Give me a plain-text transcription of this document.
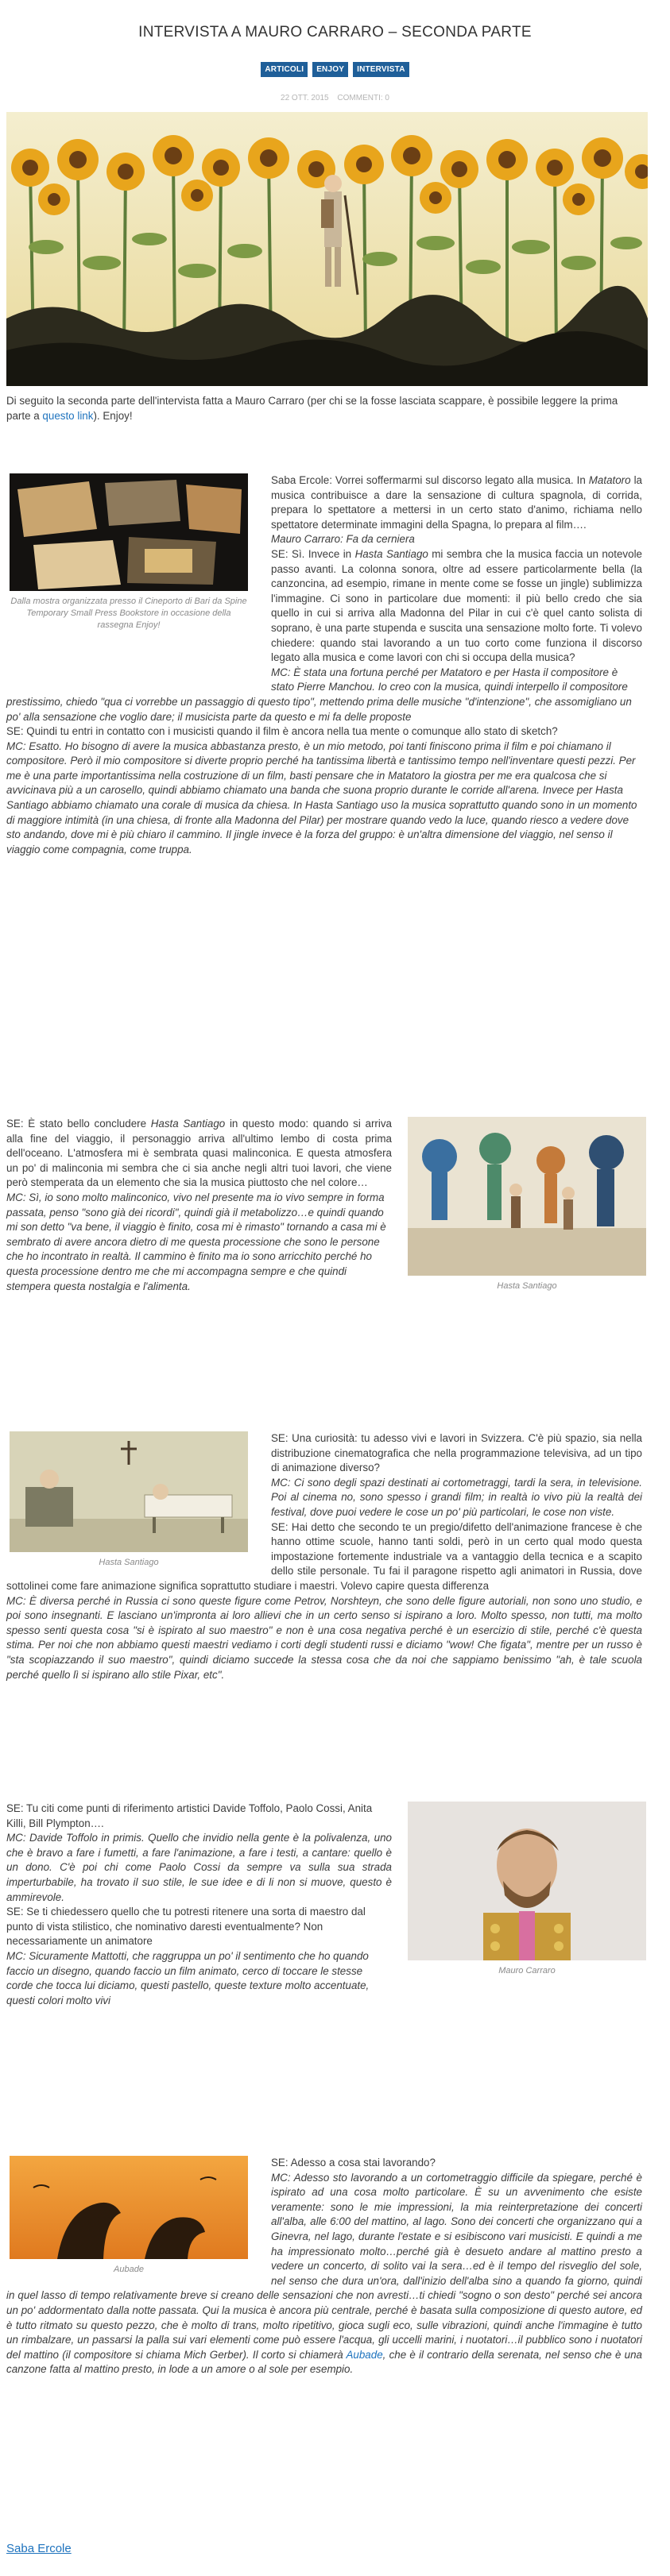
INTERVISTA A MAURO CARRARO – SECONDA PARTE
ARTICOLI ENJOY INTERVISTA
22 OTT. 2015 COMMENTI: 0

Di seguito la seconda parte dell'intervista fatta a Mauro Carraro (per chi se la fosse lasciata scappare, è possibile leggere la prima parte a questo link). Enjoy!

Dalla mostra organizzata presso il Cineporto di Bari da Spine Temporary Small Press Bookstore in occasione della rassegna Enjoy!

Saba Ercole: Vorrei soffermarmi sul discorso legato alla musica. In Matatoro la musica contribuisce a dare la sensazione di cultura spagnola, di corrida, prepara lo spettatore a mettersi in un certo stato d'animo, richiama nello spettatore determinate immagini della Spagna, lo prepara al film….

Mauro Carraro: Fa da cerniera

SE: Sì. Invece in Hasta Santiago mi sembra che la musica faccia un notevole passo avanti. La colonna sonora, oltre ad essere particolarmente bella (la canzoncina, ad esempio, rimane in mente come se fosse un jingle) sublimizza l'immagine. Ci sono in particolare due momenti: il più bello credo che sia quello in cui si arriva alla Madonna del Pilar in cui c'è quel canto solista di soprano, è una parte stupenda e suscita una sensazione molto forte. Ti volevo chiedere: quando stai lavorando a un tuo corto come funziona il discorso legato alla musica e come lavori con chi si occupa della musica?

MC: È stata una fortuna perché per Matatoro e per Hasta il compositore è stato Pierre Manchou. Io creo con la musica, quindi interpello il compositore prestissimo, chiedo "qua ci vorrebbe un passaggio di questo tipo", mettendo prima delle musiche "d'intenzione", che assomigliano un po' alla sensazione che voglio dare; il musicista parte da questo e mi fa delle proposte

SE: Quindi tu entri in contatto con i musicisti quando il film è ancora nella tua mente o comunque allo stato di sketch?

MC: Esatto. Ho bisogno di avere la musica abbastanza presto, è un mio metodo, poi tanti finiscono prima il film e poi chiamano il compositore. Però il mio compositore si diverte proprio perché ha tantissima libertà e tantissimo tempo nell'inventare questi pezzi. Per me è una parte importantissima nella costruzione di un film, basti pensare che in Matatoro la giostra per me era qualcosa che si avvicinava più a un carosello, quindi abbiamo chiamato una banda che suona proprio durante le corride all'arena. Invece per Hasta Santiago abbiamo chiamato una corale di musica da chiesa. In Hasta Santiago uso la musica soprattutto quando sono in un momento di maggiore intimità (in una chiesa, di fronte alla Madonna del Pilar) per mostrare quando vedo la luce, quando riesco a vedere dove sto andando, dove mi è più chiaro il cammino. Il jingle invece è la forza del gruppo: è un'altra dimensione del viaggio, nel senso il viaggio come compagnia, come truppa.

Hasta Santiago

SE: È stato bello concludere Hasta Santiago in questo modo: quando si arriva alla fine del viaggio, il personaggio arriva all'ultimo lembo di costa prima dell'oceano. L'atmosfera mi è sembrata quasi malinconica. E questa atmosfera un po' di malinconia mi sembra che ci sia anche negli altri tuoi lavori, che viene però stemperata da un elemento che sia la musica piuttosto che nel colore…

MC: Sì, io sono molto malinconico, vivo nel presente ma io vivo sempre in forma passata, penso "sono già dei ricordi", quindi già il metabolizzo…e quindi quando mi son detto "va bene, il viaggio è finito, cosa mi è rimasto" tornando a casa mi è sembrato di avere ancora dietro di me questa processione che sono le persone che ho incontrato in realtà. Il cammino è finito ma io sono arricchito perché ho questa processione dentro me che mi accompagna sempre e che quindi stempera questa nostalgia e l'alimenta.

Hasta Santiago

SE: Una curiosità: tu adesso vivi e lavori in Svizzera. C'è più spazio, sia nella distribuzione cinematografica che nella programmazione televisiva, ad un tipo di animazione diverso?

MC: Ci sono degli spazi destinati ai cortometraggi, tardi la sera, in televisione. Poi al cinema no, sono spesso i grandi film; in realtà io vivo più la realtà dei festival, dove puoi vedere le cose un po' più particolari, le cose non viste.

SE: Hai detto che secondo te un pregio/difetto dell'animazione francese è che hanno ottime scuole, hanno tanti soldi, però in un certo qual modo questa impostazione fortemente industriale va a vantaggio della tecnica e a scapito dello stile personale. Tu fai il paragone rispetto agli animatori in Russia, dove sottolinei come fare animazione significa soprattutto studiare i maestri. Volevo capire questa differenza

MC: È diversa perché in Russia ci sono queste figure come Petrov, Norshteyn, che sono delle figure autoriali, non sono uno studio, e poi sono insegnanti. E lasciano un'impronta ai loro allievi che in un certo senso si ispirano a loro. Molto spesso, non tutti, ma molto spesso senti questa cosa "si è ispirato al suo maestro" e non è una cosa negativa perché è un esercizio di stile, perché c'è questa stima. Per noi che non abbiamo questi maestri vediamo i corti degli studenti russi e diciamo "wow! Che figata", mentre per un russo è "sta scopiazzando il suo maestro", quindi diciamo succede la stessa cosa che da noi che sappiamo benissimo "ah, è tale scuola perché quello lì si ispirano allo stile Pixar, etc".

Mauro Carraro

SE: Tu citi come punti di riferimento artistici Davide Toffolo, Paolo Cossi, Anita Killi, Bill Plympton….

MC: Davide Toffolo in primis. Quello che invidio nella gente è la polivalenza, uno che è bravo a fare i fumetti, a fare l'animazione, a fare i testi, a cantare: quello è un dono. C'è poi chi come Paolo Cossi da sempre va sulla sua strada imperturbabile, ha trovato il suo stile, le sue idee e di li non si muove, questo è ammirevole.

SE: Se ti chiedessero quello che tu potresti ritenere una sorta di maestro dal punto di vista stilistico, che nominativo daresti eventualmente? Non necessariamente un animatore

MC: Sicuramente Mattotti, che raggruppa un po' il sentimento che ho quando faccio un disegno, quando faccio un film animato, cerco di toccare le stesse corde che tocca lui diciamo, questi pastello, queste texture molto accentuate, questi colori molto vivi

Aubade

SE: Adesso a cosa stai lavorando?

MC: Adesso sto lavorando a un cortometraggio difficile da spiegare, perché è ispirato ad una cosa molto particolare. È su un avvenimento che esiste veramente: sono le mie impressioni, la mia reinterpretazione dei concerti all'alba, alle 6:00 del mattino, al lago. Sono dei concerti che organizzano qui a Ginevra, nel lago, durante l'estate e si esibiscono vari musicisti. E quindi a me ha impressionato molto…perché già è desueto andare al mattino presto a vedere un concerto, di solito vai la sera…ed è il tempo del risveglio del sole, nel senso che dura un'ora, dall'inizio dell'alba sino a quando fa giorno, quindi in quel lasso di tempo relativamente breve si creano delle sensazioni che non avresti…ti chiedi "sogno o son desto" perché sei ancora un po' addormentato dalla notte passata. Qui la musica è ancora più centrale, perché è basata sulla composizione di questo autore, ed è tutto ritmato su questo pezzo, che è molto di trans, molto ripetitivo, gioca sugli eco, sulle vibrazioni, quindi anche l'immagine è tutto un rimbalzare, un passarsi la palla sui vari elementi come può essere l'acqua, gli uccelli marini, i nuotatori…il pubblico sono i nuotatori del mattino (il compositore si chiama Mich Gerber). Il corto si chiamerà Aubade, che è il contrario della serenata, nel senso che è una canzone fatta al mattino presto, in lode a un amore o al sole per esempio.

Saba Ercole
